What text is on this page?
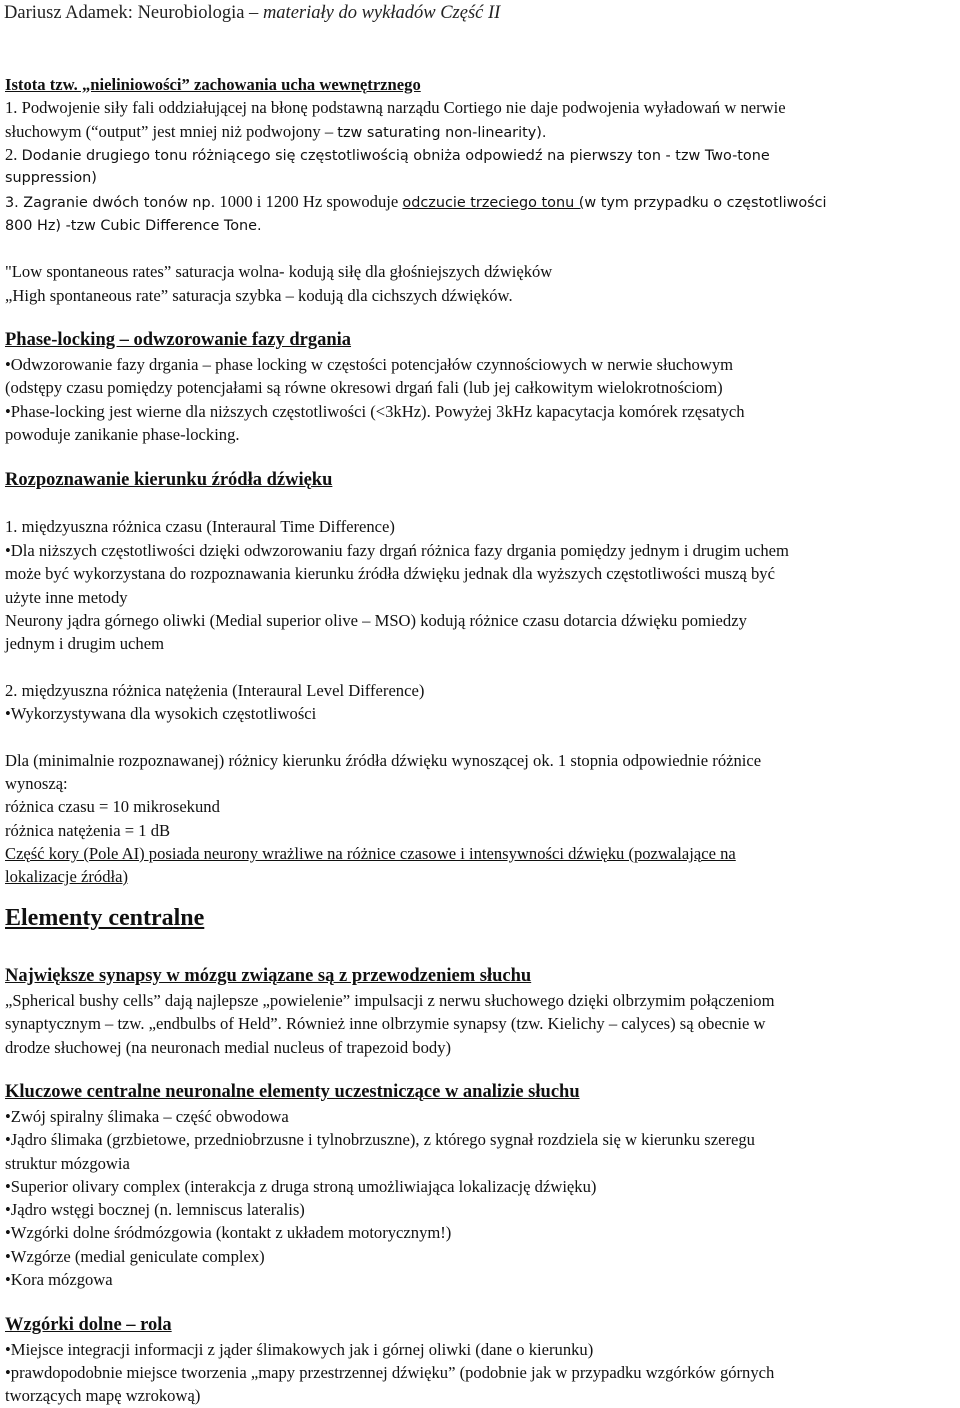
Dariusz Adamek: Neurobiologia – materiały do wykładów Część II
Istota tzw. „nieliniowości” zachowania ucha wewnętrznego
1. Podwojenie siły fali oddziałującej na błonę podstawną narządu Cortiego nie daje podwojenia wyładowań w nerwie
słuchowym (“output” jest mniej niż podwojony – tzw saturating non-linearity).
2. Dodanie drugiego tonu różniącego się częstotliwością obniża odpowiedź na pierwszy ton - tzw Two-tone
suppression)
3. Zagranie dwóch tonów np. 1000 i 1200 Hz spowoduje odczucie trzeciego tonu (w tym przypadku o częstotliwości
800 Hz) -tzw Cubic Difference Tone.
"Low spontaneous rates” saturacja wolna- kodują siłę dla głośniejszych dźwięków
„High spontaneous rate” saturacja szybka – kodują dla cichszych dźwięków.
Phase-locking – odwzorowanie fazy drgania
•Odwzorowanie fazy drgania – phase locking w częstości potencjałów czynnościowych w nerwie słuchowym
(odstępy czasu pomiędzy potencjałami są równe okresowi drgań fali (lub jej całkowitym wielokrotnościom)
•Phase-locking jest wierne dla niższych częstotliwości (<3kHz). Powyżej 3kHz kapacytacja komórek rzęsatych
powoduje zanikanie phase-locking.
Rozpoznawanie kierunku źródła dźwięku
1. międzyuszna różnica czasu (Interaural Time Difference)
•Dla niższych częstotliwości dzięki odwzorowaniu fazy drgań różnica fazy drgania pomiędzy jednym i drugim uchem
może być wykorzystana do rozpoznawania kierunku źródła dźwięku jednak dla wyższych częstotliwości muszą być
użyte inne metody
Neurony jądra górnego oliwki (Medial superior olive – MSO) kodują różnice czasu dotarcia dźwięku pomiedzy
jednym i drugim uchem
2. międzyuszna różnica natężenia (Interaural Level Difference)
•Wykorzystywana dla wysokich częstotliwości
Dla (minimalnie rozpoznawanej) różnicy kierunku źródła dźwięku wynoszącej ok. 1 stopnia odpowiednie różnice
wynoszą:
różnica czasu = 10 mikrosekund
różnica natężenia = 1 dB
Część kory (Pole AI) posiada neurony wrażliwe na różnice czasowe i intensywności dźwięku (pozwalające na
lokalizacje źródła)
Elementy centralne
Największe synapsy w mózgu związane są z przewodzeniem słuchu
„Spherical bushy cells” dają najlepsze „powielenie” impulsacji z nerwu słuchowego dzięki olbrzymim połączeniom
synaptycznym – tzw. „endbulbs of Held”. Również inne olbrzymie synapsy (tzw. Kielichy – calyces) są obecnie w
drodze słuchowej (na neuronach medial nucleus of trapezoid body)
Kluczowe centralne neuronalne elementy uczestniczące w analizie słuchu
•Zwój spiralny ślimaka – część obwodowa
•Jądro ślimaka (grzbietowe, przedniobrzusne i tylnobrzuszne), z którego sygnał rozdziela się w kierunku szeregu
struktur mózgowia
•Superior olivary complex (interakcja z druga stroną umożliwiająca lokalizację dźwięku)
•Jądro wstęgi bocznej (n. lemniscus lateralis)
•Wzgórki dolne śródmózgowia (kontakt z układem motorycznym!)
•Wzgórze (medial geniculate complex)
•Kora mózgowa
Wzgórki dolne – rola
•Miejsce integracji informacji z jąder ślimakowych jak i górnej oliwki (dane o kierunku)
•prawdopodobnie miejsce tworzenia „mapy przestrzennej dźwięku” (podobnie jak w przypadku wzgórków górnych
tworzących mapę wzrokową)
